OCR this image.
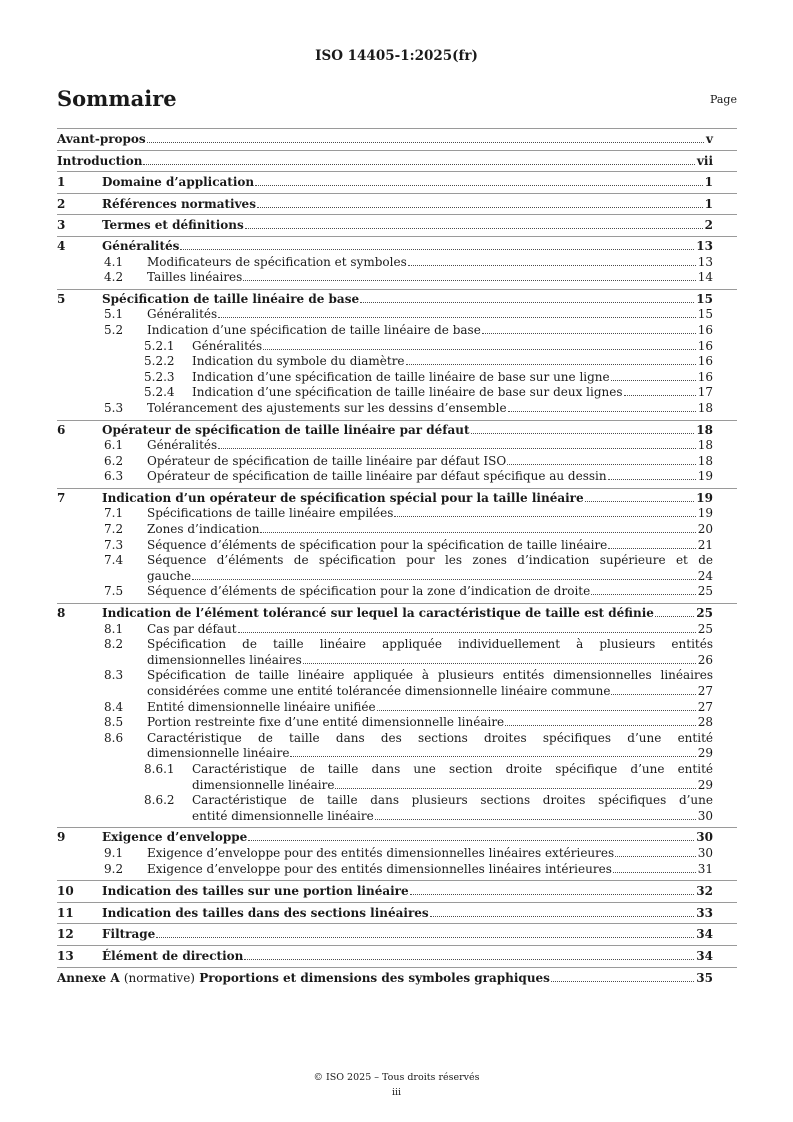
ISO 14405-1:2025(fr)
Sommaire	Page
Avant-propos	v
Introduction	vii
1	Domaine d’application	1
2	Références normatives	1
3	Termes et définitions	2
4	Généralités	13
4.1 Modificateurs de spécification et symboles	13
4.2 Tailles linéaires	14
5	Spécification de taille linéaire de base	15
5.1 Généralités	15
5.2 Indication d’une spécification de taille linéaire de base	16
5.2.1 Généralités	16
5.2.2 Indication du symbole du diamètre	16
5.2.3 Indication d’une spécification de taille linéaire de base sur une ligne	16
5.2.4 Indication d’une spécification de taille linéaire de base sur deux lignes	17
5.3 Tolérancement des ajustements sur les dessins d’ensemble	18
6	Opérateur de spécification de taille linéaire par défaut	18
6.1 Généralités	18
6.2 Opérateur de spécification de taille linéaire par défaut ISO	18
6.3 Opérateur de spécification de taille linéaire par défaut spécifique au dessin	19
7	Indication d’un opérateur de spécification spécial pour la taille linéaire	19
7.1 Spécifications de taille linéaire empilées	19
7.2 Zones d’indication	20
7.3 Séquence d’éléments de spécification pour la spécification de taille linéaire	21
7.4 Séquence d’éléments de spécification pour les zones d’indication supérieure et de
gauche	24
7.5 Séquence d’éléments de spécification pour la zone d’indication de droite	25
8	Indication de l’élément tolérancé sur lequel la caractéristique de taille est définie	25
8.1 Cas par défaut	25
8.2 Spécification de taille linéaire appliquée individuellement à plusieurs entités
dimensionnelles linéaires	26
8.3 Spécification de taille linéaire appliquée à plusieurs entités dimensionnelles linéaires
considérées comme une entité tolérancée dimensionnelle linéaire commune	27
8.4 Entité dimensionnelle linéaire unifiée	27
8.5 Portion restreinte fixe d’une entité dimensionnelle linéaire	28
8.6 Caractéristique de taille dans des sections droites spécifiques d’une entité
dimensionnelle linéaire	29
8.6.1 Caractéristique de taille dans une section droite spécifique d’une entité
dimensionnelle linéaire	29
8.6.2 Caractéristique de taille dans plusieurs sections droites spécifiques d’une
entité dimensionnelle linéaire	30
9	Exigence d’enveloppe	30
9.1 Exigence d’enveloppe pour des entités dimensionnelles linéaires extérieures	30
9.2 Exigence d’enveloppe pour des entités dimensionnelles linéaires intérieures	31
10 Indication des tailles sur une portion linéaire	32
11 Indication des tailles dans des sections linéaires	33
12 Filtrage	34
13 Élément de direction	34
Annexe A (normative) Proportions et dimensions des symboles graphiques	35
© ISO 2025 – Tous droits réservés
iii
